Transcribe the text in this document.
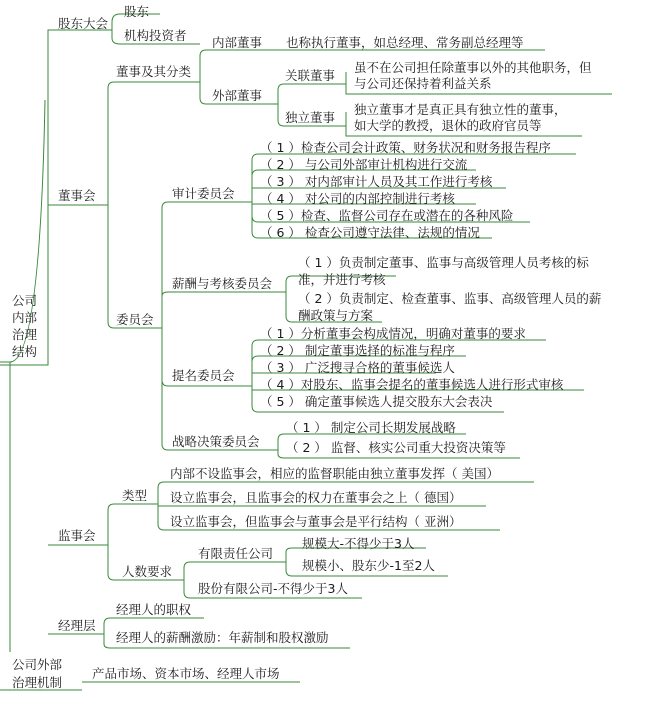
公司
内部
治理
结构
股东大会
股东
机构投资者
董事会
董事及其分类
内部董事 也称执行董事，如总经理、常务副总经理等
外部董事
关联董事
虽不在公司担任除董事以外的其他职务，但
与公司还保持着利益关系
独立董事
独立董事才是真正具有独立性的董事，
如大学的教授，退休的政府官员等
委员会
审计委员会
（ 1 ）检查公司会计政策、财务状况和财务报告程序
（ 2 ） 与公司外部审计机构进行交流
（ 3 ） 对内部审计人员及其工作进行考核
（ 4 ） 对公司的内部控制进行考核
（ 5 ）检查、监督公司存在或潜在的各种风险
（ 6 ） 检查公司遵守法律、法规的情况
薪酬与考核委员会
（ 1 ）负责制定董事、监事与高级管理人员考核的标
准，并进行考核
（ 2 ）负责制定、检查董事、监事、高级管理人员的薪
酬政策与方案
提名委员会
（ 1 ）分析董事会构成情况，明确对董事的要求
（ 2 ） 制定董事选择的标准与程序
（ 3 ） 广泛搜寻合格的董事候选人
（ 4 ）对股东、监事会提名的董事候选人进行形式审核
（ 5 ） 确定董事候选人提交股东大会表决
战略决策委员会
（ 1 ） 制定公司长期发展战略
（ 2 ） 监督、核实公司重大投资决策等
监事会
类型
内部不设监事会，相应的监督职能由独立董事发挥（ 美国）
设立监事会，且监事会的权力在董事会之上（ 德国）
设立监事会，但监事会与董事会是平行结构（ 亚洲）
人数要求
有限责任公司
规模大-不得少于3人
规模小、股东少-1至2人
股份有限公司-不得少于3人
经理层
经理人的职权
经理人的薪酬激励：年薪制和股权激励
公司外部
治理机制
产品市场、资本市场、经理人市场
